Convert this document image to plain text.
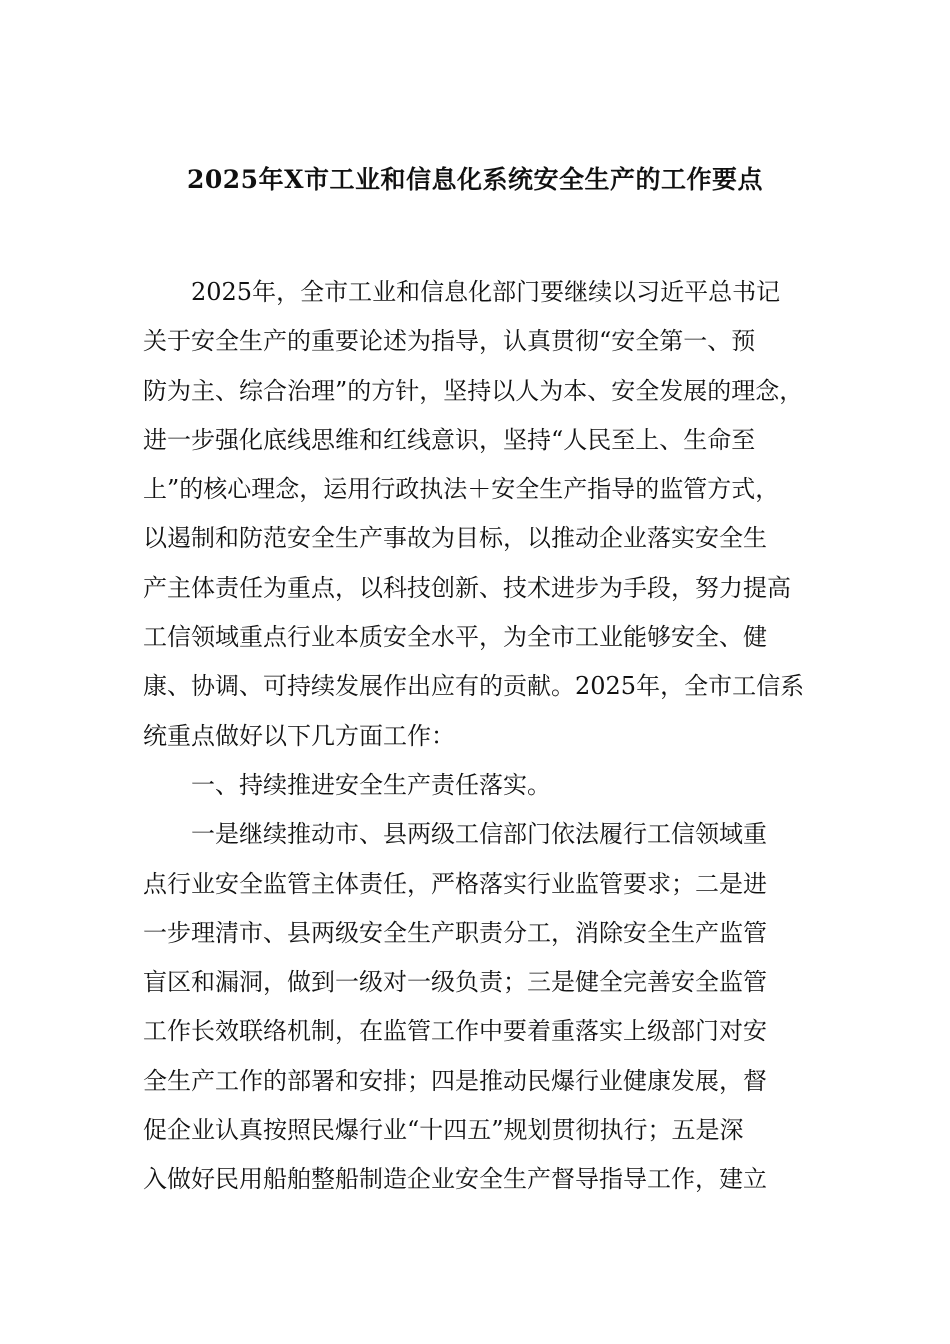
2025年X市工业和信息化系统安全生产的工作要点
2025年，全市工业和信息化部门要继续以习近平总书记
关于安全生产的重要论述为指导，认真贯彻“安全第一、预
防为主、综合治理”的方针，坚持以人为本、安全发展的理念，
进一步强化底线思维和红线意识，坚持“人民至上、生命至
上”的核心理念，运用行政执法＋安全生产指导的监管方式，
以遏制和防范安全生产事故为目标，以推动企业落实安全生
产主体责任为重点，以科技创新、技术进步为手段，努力提高
工信领域重点行业本质安全水平，为全市工业能够安全、健
康、协调、可持续发展作出应有的贡献。2025年，全市工信系
统重点做好以下几方面工作：
一、持续推进安全生产责任落实。
一是继续推动市、县两级工信部门依法履行工信领域重
点行业安全监管主体责任，严格落实行业监管要求；二是进
一步理清市、县两级安全生产职责分工，消除安全生产监管
盲区和漏洞，做到一级对一级负责；三是健全完善安全监管
工作长效联络机制，在监管工作中要着重落实上级部门对安
全生产工作的部署和安排；四是推动民爆行业健康发展，督
促企业认真按照民爆行业“十四五”规划贯彻执行；五是深
入做好民用船舶整船制造企业安全生产督导指导工作，建立
